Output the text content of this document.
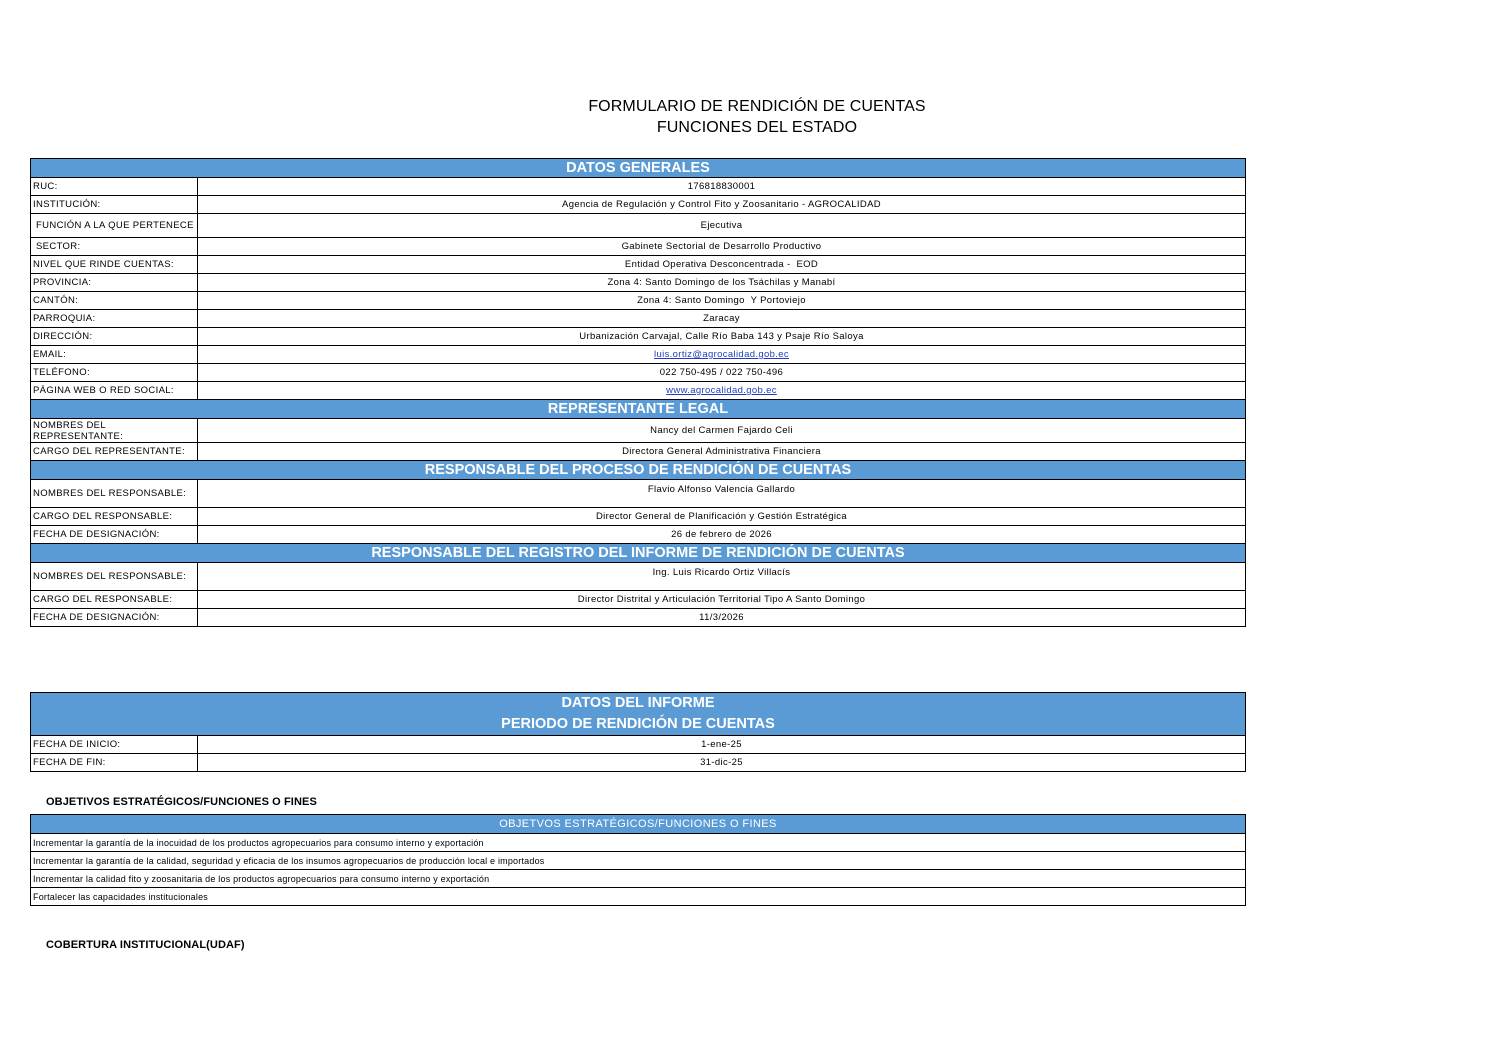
FORMULARIO DE RENDICIÓN DE CUENTAS
FUNCIONES DEL ESTADO
DATOS GENERALES	
RUC:	176818830001
INSTITUCIÓN:	Agencia de Regulación y Control Fito y Zoosanitario - AGROCALIDAD
FUNCIÓN A LA QUE PERTENECE	Ejecutiva
SECTOR:	Gabinete Sectorial de Desarrollo Productivo
NIVEL QUE RINDE CUENTAS:	Entidad Operativa Desconcentrada -  EOD
PROVINCIA:	Zona 4: Santo Domingo de los Tsáchilas y Manabí
CANTÓN:	Zona 4: Santo Domingo  Y Portoviejo
PARROQUIA:	Zaracay
DIRECCIÓN:	Urbanización Carvajal, Calle Río Baba 143 y Psaje Río Saloya
EMAIL:	luis.ortiz@agrocalidad.gob.ec
TELÉFONO:	022 750-495 / 022 750-496
PÁGINA WEB O RED SOCIAL:	www.agrocalidad.gob.ec
REPRESENTANTE LEGAL	
NOMBRES DEL REPRESENTANTE:	Nancy del Carmen Fajardo Celi
CARGO DEL REPRESENTANTE:	Directora General Administrativa Financiera
RESPONSABLE DEL PROCESO DE RENDICIÓN DE CUENTAS	
NOMBRES DEL RESPONSABLE:	Flavio Alfonso Valencia Gallardo
CARGO DEL RESPONSABLE:	Director General de Planificación y Gestión Estratégica
FECHA DE DESIGNACIÓN:	26 de febrero de 2026
RESPONSABLE DEL REGISTRO DEL INFORME DE RENDICIÓN DE CUENTAS	
NOMBRES DEL RESPONSABLE:	Ing. Luis Ricardo Ortiz Villacís
CARGO DEL RESPONSABLE:	Director Distrital y Articulación Territorial Tipo A Santo Domingo
FECHA DE DESIGNACIÓN:	11/3/2026
DATOS DEL INFORME
PERIODO DE RENDICIÓN DE CUENTAS	

FECHA DE INICIO:	1-ene-25
FECHA DE FIN:	31-dic-25
OBJETIVOS ESTRATÉGICOS/FUNCIONES O FINES
OBJETVOS ESTRATÉGICOS/FUNCIONES O FINES
Incrementar la garantía de la inocuidad de los productos agropecuarios para consumo interno y exportación
Incrementar la garantía de la calidad, seguridad y eficacia de los insumos agropecuarios de producción local e importados
Incrementar la calidad fito y zoosanitaria de los productos agropecuarios para consumo interno y exportación
Fortalecer las capacidades institucionales
COBERTURA INSTITUCIONAL(UDAF)
